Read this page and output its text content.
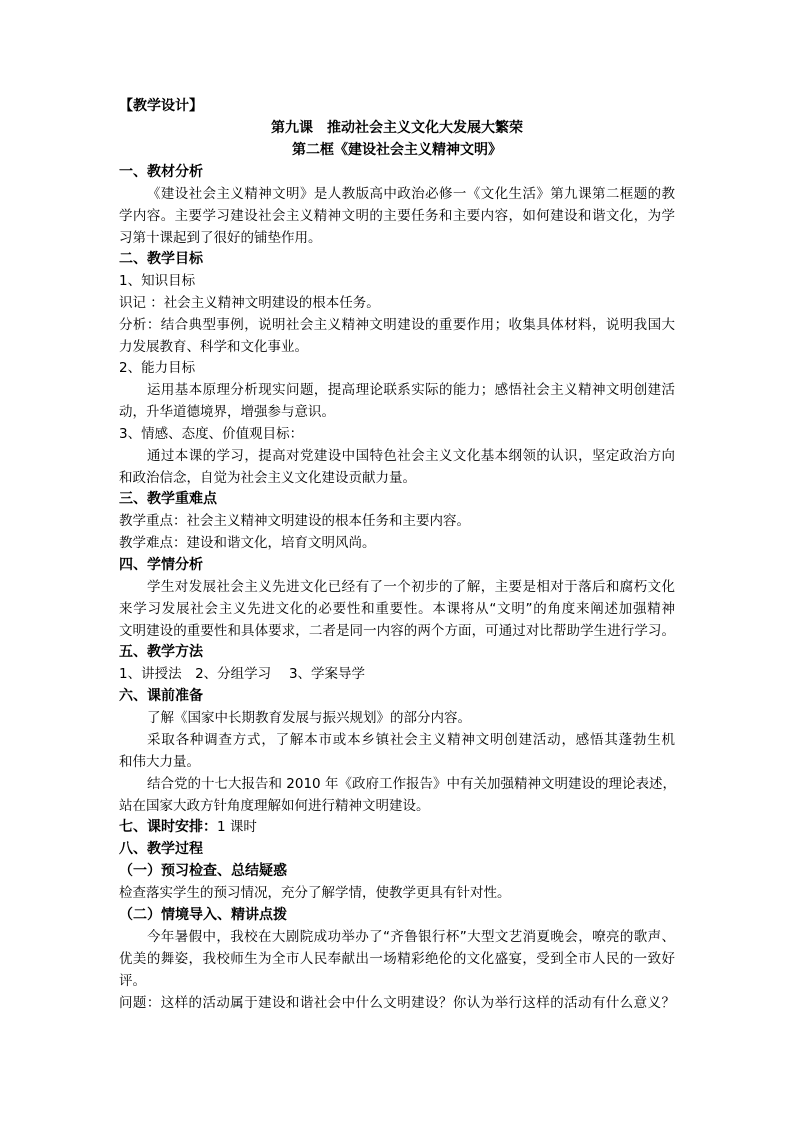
【教学设计】
第九课　推动社会主义文化大发展大繁荣
第二框《建设社会主义精神文明》
一、教材分析
《建设社会主义精神文明》是人教版高中政治必修一《文化生活》第九课第二框题的教
学内容。主要学习建设社会主义精神文明的主要任务和主要内容，如何建设和谐文化，为学
习第十课起到了很好的铺垫作用。
二、教学目标
1、知识目标
识记 ：社会主义精神文明建设的根本任务。
分析：结合典型事例，说明社会主义精神文明建设的重要作用；收集具体材料，说明我国大
力发展教育、科学和文化事业。
2、能力目标
运用基本原理分析现实问题，提高理论联系实际的能力；感悟社会主义精神文明创建活
动，升华道德境界，增强参与意识。
3、情感、态度、价值观目标：
通过本课的学习，提高对党建设中国特色社会主义文化基本纲领的认识，坚定政治方向
和政治信念，自觉为社会主义文化建设贡献力量。
三、教学重难点
教学重点：社会主义精神文明建设的根本任务和主要内容。
教学难点：建设和谐文化，培育文明风尚。
四、学情分析
学生对发展社会主义先进文化已经有了一个初步的了解，主要是相对于落后和腐朽文化
来学习发展社会主义先进文化的必要性和重要性。本课将从“文明”的角度来阐述加强精神
文明建设的重要性和具体要求，二者是同一内容的两个方面，可通过对比帮助学生进行学习。
五、教学方法
1、讲授法　2、分组学习　 3、学案导学
六、课前准备
了解《国家中长期教育发展与振兴规划》的部分内容。
采取各种调查方式，了解本市或本乡镇社会主义精神文明创建活动，感悟其蓬勃生机
和伟大力量。
结合党的十七大报告和 2010 年《政府工作报告》中有关加强精神文明建设的理论表述，
站在国家大政方针角度理解如何进行精神文明建设。
七、课时安排：1 课时
八、教学过程
（一）预习检查、总结疑惑
检查落实学生的预习情况，充分了解学情，使教学更具有针对性。
（二）情境导入、精讲点拨
今年暑假中，我校在大剧院成功举办了“齐鲁银行杯”大型文艺消夏晚会，嘹亮的歌声、
优美的舞姿，我校师生为全市人民奉献出一场精彩绝伦的文化盛宴，受到全市人民的一致好
评。
问题：这样的活动属于建设和谐社会中什么文明建设？你认为举行这样的活动有什么意义？
